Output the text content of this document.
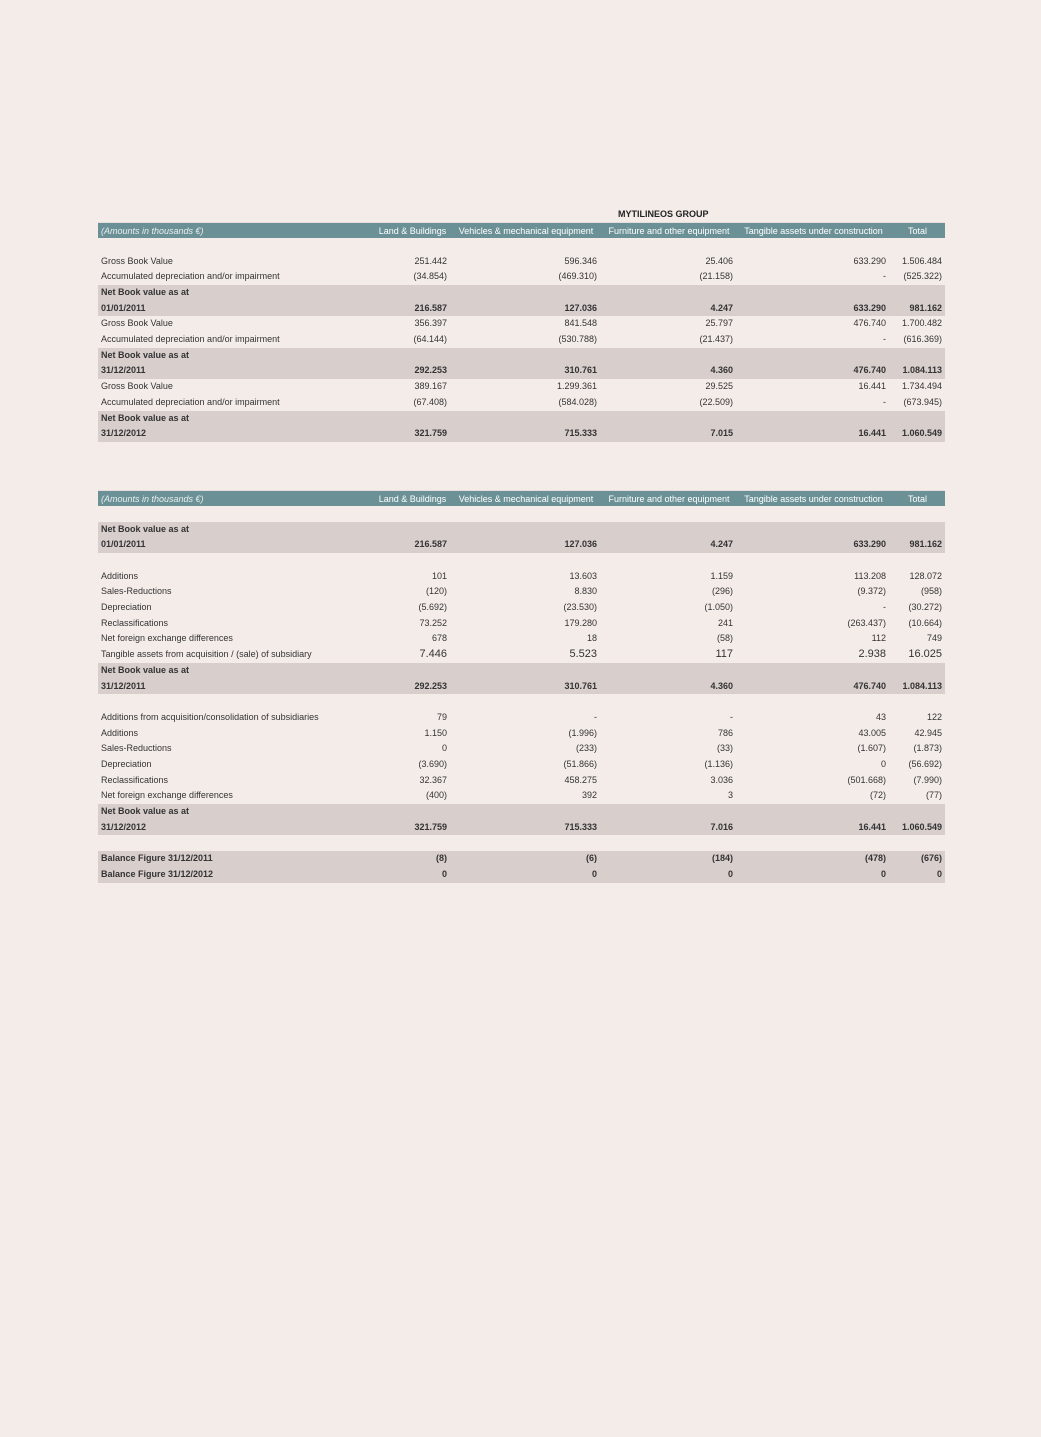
MYTILINEOS GROUP
(Amounts in thousands €)	Land & Buildings	Vehicles & mechanical equipment	Furniture and other equipment	Tangible assets under construction	Total
Gross Book Value	251.442	596.346	25.406	633.290	1.506.484
Accumulated depreciation and/or impairment	(34.854)	(469.310)	(21.158)	-	(525.322)
Net Book value as at
01/01/2011	216.587	127.036	4.247	633.290	981.162
Gross Book Value	356.397	841.548	25.797	476.740	1.700.482
Accumulated depreciation and/or impairment	(64.144)	(530.788)	(21.437)	-	(616.369)
Net Book value as at
31/12/2011	292.253	310.761	4.360	476.740	1.084.113
Gross Book Value	389.167	1.299.361	29.525	16.441	1.734.494
Accumulated depreciation and/or impairment	(67.408)	(584.028)	(22.509)	-	(673.945)
Net Book value as at
31/12/2012	321.759	715.333	7.015	16.441	1.060.549
(Amounts in thousands €)	Land & Buildings	Vehicles & mechanical equipment	Furniture and other equipment	Tangible assets under construction	Total
Net Book value as at
01/01/2011	216.587	127.036	4.247	633.290	981.162
Additions	101	13.603	1.159	113.208	128.072
Sales-Reductions	(120)	8.830	(296)	(9.372)	(958)
Depreciation	(5.692)	(23.530)	(1.050)	-	(30.272)
Reclassifications	73.252	179.280	241	(263.437)	(10.664)
Net foreign exchange differences	678	18	(58)	112	749
Tangible assets from acquisition / (sale) of subsidiary	7.446	5.523	117	2.938	16.025
Net Book value as at
31/12/2011	292.253	310.761	4.360	476.740	1.084.113
Additions from acquisition/consolidation of subsidiaries	79	-	-	43	122
Additions	1.150	(1.996)	786	43.005	42.945
Sales-Reductions	0	(233)	(33)	(1.607)	(1.873)
Depreciation	(3.690)	(51.866)	(1.136)	0	(56.692)
Reclassifications	32.367	458.275	3.036	(501.668)	(7.990)
Net foreign exchange differences	(400)	392	3	(72)	(77)
Net Book value as at
31/12/2012	321.759	715.333	7.016	16.441	1.060.549
Balance Figure 31/12/2011	(8)	(6)	(184)	(478)	(676)
Balance Figure 31/12/2012	0	0	0	0	0
